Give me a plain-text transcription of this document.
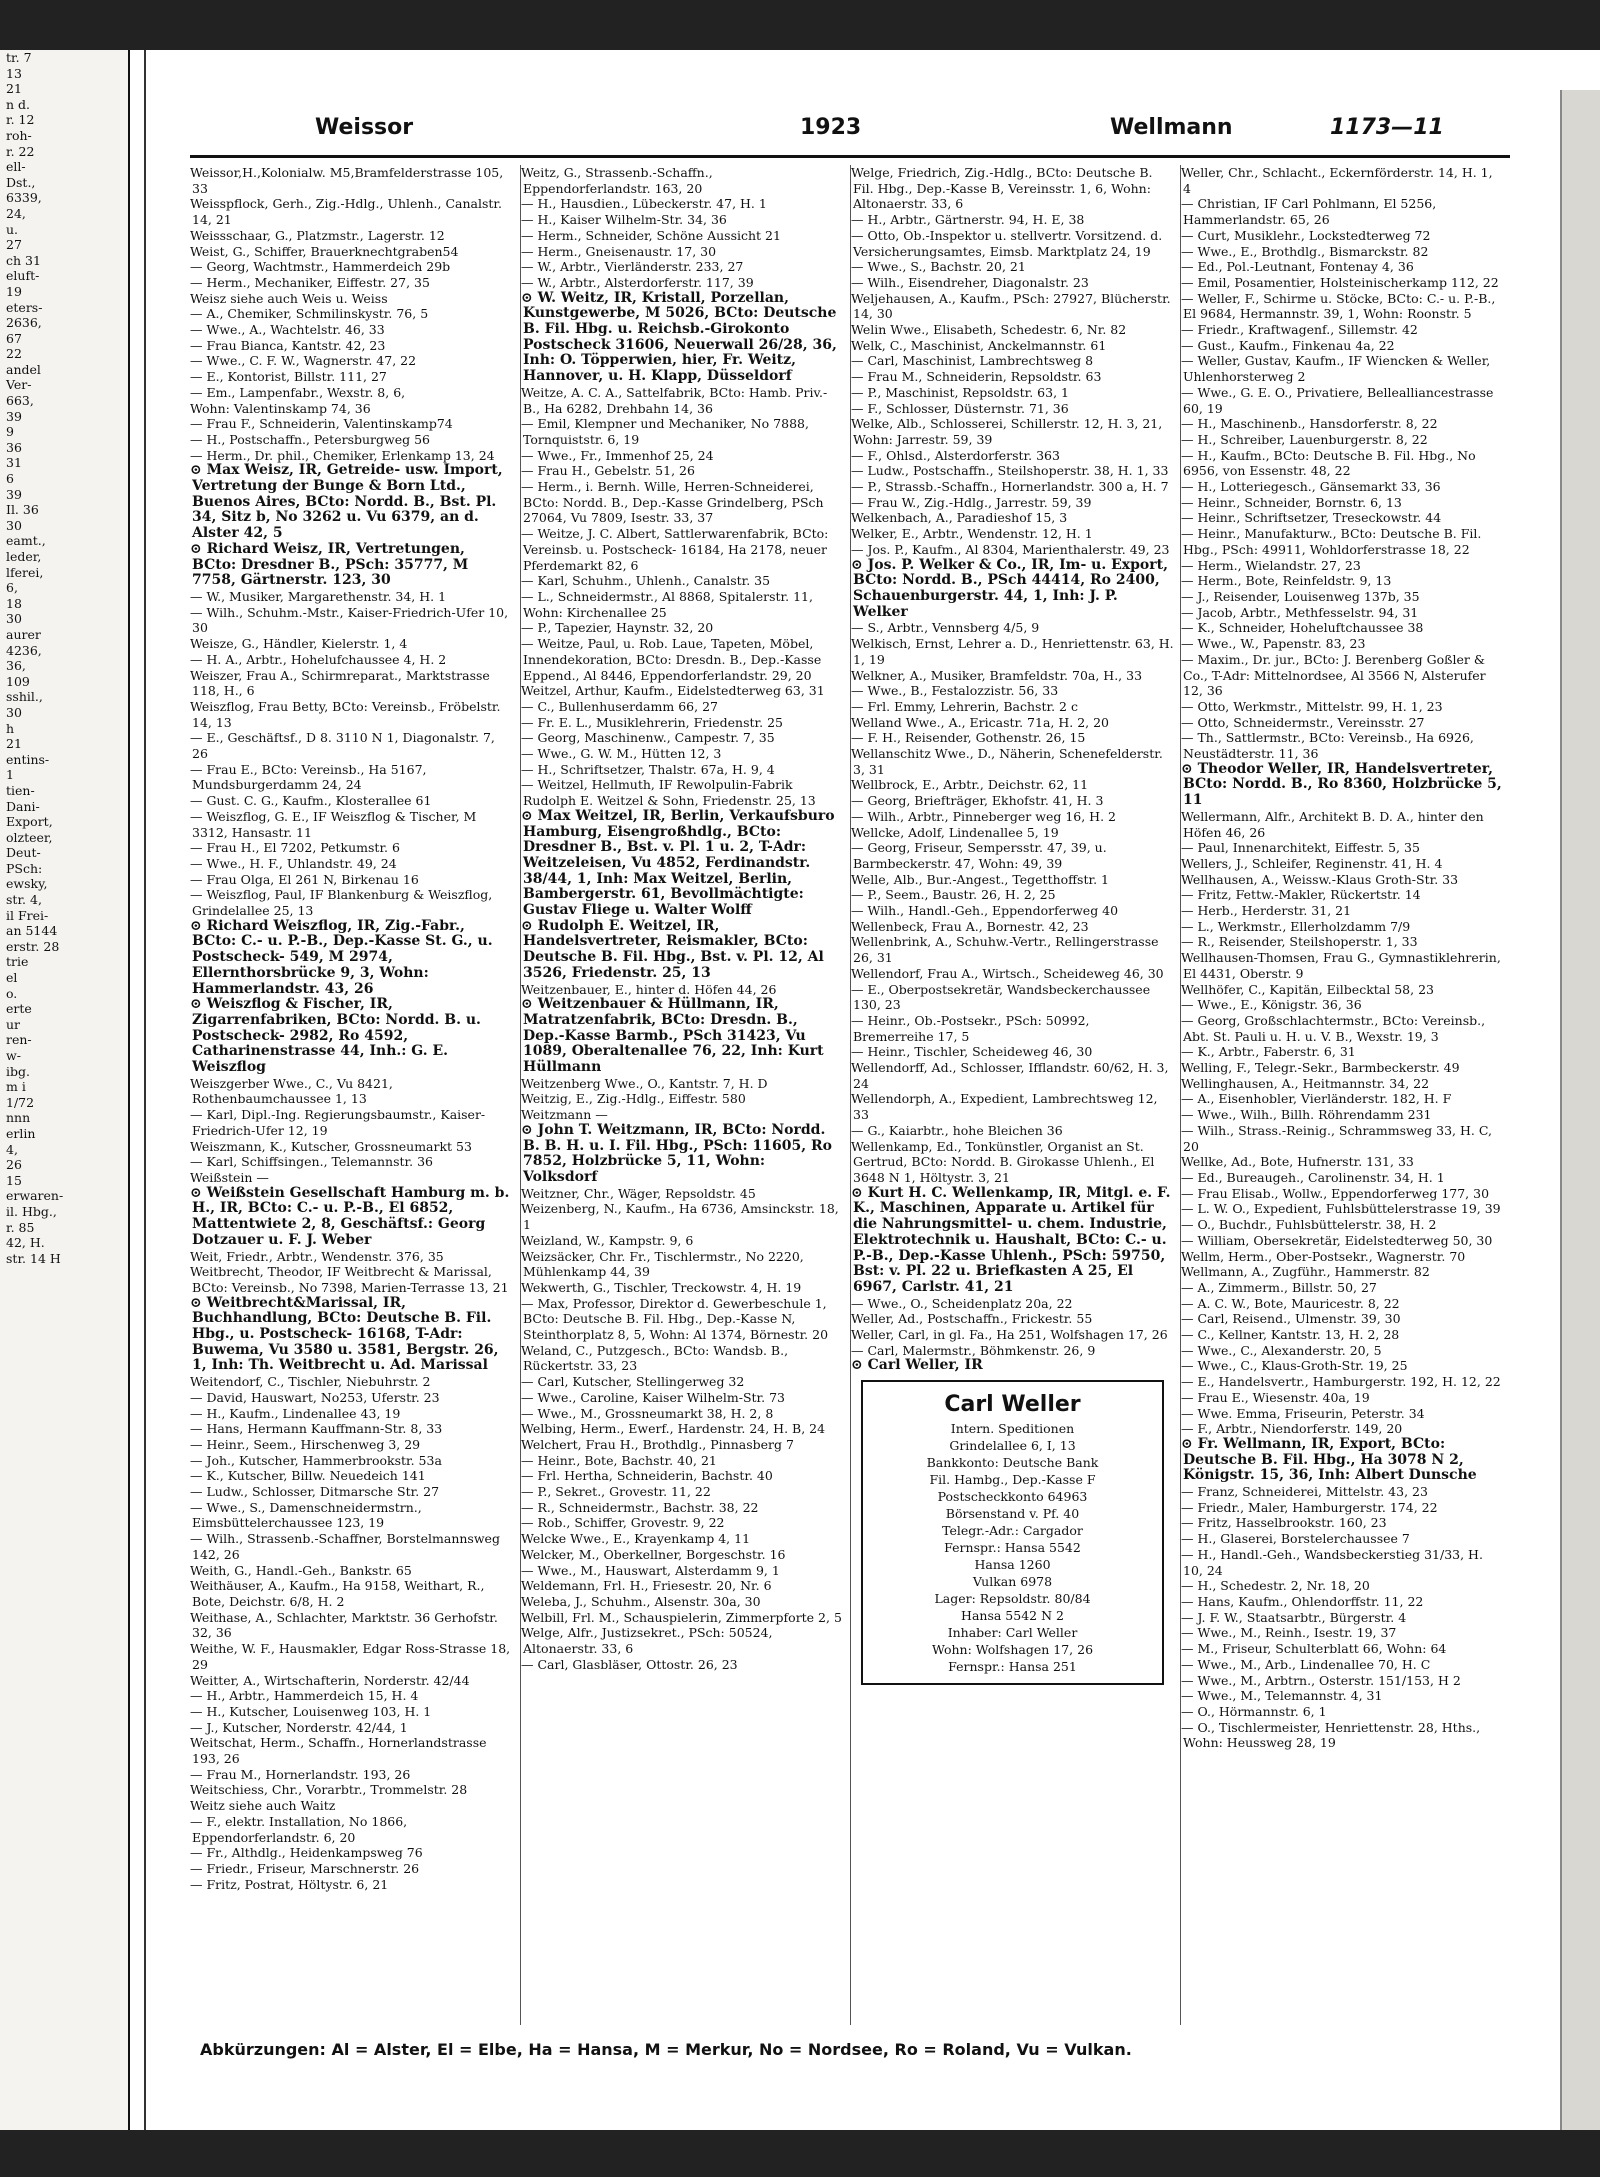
tr. 7
13
21
n d.
r. 12
roh-
r. 22
ell-
Dst.,
6339,
24,
u.
27
ch 31
eluft-
19
eters-
2636,
67
22
andel
Ver-
663,
39
9
36
31
6
39
Il. 36
30
eamt.,
leder,
lferei,
6,
18
30
aurer
4236,
36,
109
sshil.,
30
h
21
entins-
1
tien-
Dani-
Export,
olzteer,
Deut-
PSch:
ewsky,
str. 4,
il Frei-
an 5144
erstr. 28
trie
el
o.
erte
ur
ren-
w-
ibg.
m i
1/72
nnn
erlin
4,
26
15
erwaren-
il. Hbg.,
r. 85
42, H.
str. 14 H
Weissor	1923	Wellmann	1173—11
Weissor,H.,Kolonialw. M5,Bramfelderstrasse 105, 33
Weisspflock, Gerh., Zig.-Hdlg., Uhlenh., Canalstr. 14, 21
Weissschaar, G., Platzmstr., Lagerstr. 12
Weist, G., Schiffer, Brauerknechtgraben54
— Georg, Wachtmstr., Hammerdeich 29b
— Herm., Mechaniker, Eiffestr. 27, 35
Weisz siehe auch Weis u. Weiss
— A., Chemiker, Schmilinskystr. 76, 5
— Wwe., A., Wachtelstr. 46, 33
— Frau Bianca, Kantstr. 42, 23
— Wwe., C. F. W., Wagnerstr. 47, 22
— E., Kontorist, Billstr. 111, 27
— Em., Lampenfabr., Wexstr. 8, 6,
Wohn: Valentinskamp 74, 36
— Frau F., Schneiderin, Valentinskamp74
— H., Postschaffn., Petersburgweg 56
— Herm., Dr. phil., Chemiker, Erlenkamp 13, 24
⊙ Max Weisz, IR, Getreide- usw. Import, Vertretung der Bunge & Born Ltd., Buenos Aires, BCto: Nordd. B., Bst. Pl. 34, Sitz b, No 3262 u. Vu 6379, an d. Alster 42, 5
⊙ Richard Weisz, IR, Vertretungen, BCto: Dresdner B., PSch: 35777, M 7758, Gärtnerstr. 123, 30
— W., Musiker, Margarethenstr. 34, H. 1
— Wilh., Schuhm.-Mstr., Kaiser-Friedrich-Ufer 10, 30
Weisze, G., Händler, Kielerstr. 1, 4
— H. A., Arbtr., Hohelufchaussee 4, H. 2
Weiszer, Frau A., Schirmreparat., Marktstrasse 118, H., 6
Weiszflog, Frau Betty, BCto: Vereinsb., Fröbelstr. 14, 13
— E., Geschäftsf., D 8. 3110 N 1, Diagonalstr. 7, 26
— Frau E., BCto: Vereinsb., Ha 5167, Mundsburgerdamm 24, 24
— Gust. C. G., Kaufm., Klosterallee 61
— Weiszflog, G. E., IF Weiszflog & Tischer, M 3312, Hansastr. 11
— Frau H., El 7202, Petkumstr. 6
— Wwe., H. F., Uhlandstr. 49, 24
— Frau Olga, El 261 N, Birkenau 16
— Weiszflog, Paul, IF Blankenburg & Weiszflog, Grindelallee 25, 13
⊙ Richard Weiszflog, IR, Zig.-Fabr., BCto: C.- u. P.-B., Dep.-Kasse St. G., u. Postscheck- 549, M 2974, Ellernthorsbrücke 9, 3, Wohn: Hammerlandstr. 43, 26
⊙ Weiszflog & Fischer, IR, Zigarrenfabriken, BCto: Nordd. B. u. Postscheck- 2982, Ro 4592, Catharinenstrasse 44, Inh.: G. E. Weiszflog
Weiszgerber Wwe., C., Vu 8421, Rothenbaumchaussee 1, 13
— Karl, Dipl.-Ing. Regierungsbaumstr., Kaiser-Friedrich-Ufer 12, 19
Weiszmann, K., Kutscher, Grossneumarkt 53
— Karl, Schiffsingen., Telemannstr. 36
Weißstein —
⊙ Weißstein Gesellschaft Hamburg m. b. H., IR, BCto: C.- u. P.-B., El 6852, Mattentwiete 2, 8, Geschäftsf.: Georg Dotzauer u. F. J. Weber
Weit, Friedr., Arbtr., Wendenstr. 376, 35
Weitbrecht, Theodor, IF Weitbrecht & Marissal, BCto: Vereinsb., No 7398, Marien-Terrasse 13, 21
⊙ Weitbrecht&Marissal, IR, Buchhandlung, BCto: Deutsche B. Fil. Hbg., u. Postscheck- 16168, T-Adr: Buwema, Vu 3580 u. 3581, Bergstr. 26, 1, Inh: Th. Weitbrecht u. Ad. Marissal
Weitendorf, C., Tischler, Niebuhrstr. 2
— David, Hauswart, No253, Uferstr. 23
— H., Kaufm., Lindenallee 43, 19
— Hans, Hermann Kauffmann-Str. 8, 33
— Heinr., Seem., Hirschenweg 3, 29
— Joh., Kutscher, Hammerbrookstr. 53a
— K., Kutscher, Billw. Neuedeich 141
— Ludw., Schlosser, Ditmarsche Str. 27
— Wwe., S., Damenschneidermstrn., Eimsbüttelerchaussee 123, 19
— Wilh., Strassenb.-Schaffner, Borstelmannsweg 142, 26
Weith, G., Handl.-Geh., Bankstr. 65
Weithäuser, A., Kaufm., Ha 9158, Weithart, R., Bote, Deichstr. 6/8, H. 2
Weithase, A., Schlachter, Marktstr. 36 Gerhofstr. 32, 36
Weithe, W. F., Hausmakler, Edgar Ross-Strasse 18, 29
Weitter, A., Wirtschafterin, Norderstr. 42/44
— H., Arbtr., Hammerdeich 15, H. 4
— H., Kutscher, Louisenweg 103, H. 1
— J., Kutscher, Norderstr. 42/44, 1
Weitschat, Herm., Schaffn., Hornerlandstrasse 193, 26
— Frau M., Hornerlandstr. 193, 26
Weitschiess, Chr., Vorarbtr., Trommelstr. 28
Weitz siehe auch Waitz
— F., elektr. Installation, No 1866, Eppendorferlandstr. 6, 20
— Fr., Althdlg., Heidenkampsweg 76
— Friedr., Friseur, Marschnerstr. 26
— Fritz, Postrat, Höltystr. 6, 21
Weitz, G., Strassenb.-Schaffn., Eppendorferlandstr. 163, 20
— H., Hausdien., Lübeckerstr. 47, H. 1
— H., Kaiser Wilhelm-Str. 34, 36
— Herm., Schneider, Schöne Aussicht 21
— Herm., Gneisenaustr. 17, 30
— W., Arbtr., Vierländerstr. 233, 27
— W., Arbtr., Alsterdorferstr. 117, 39
⊙ W. Weitz, IR, Kristall, Porzellan, Kunstgewerbe, M 5026, BCto: Deutsche B. Fil. Hbg. u. Reichsb.-Girokonto Postscheck 31606, Neuerwall 26/28, 36, Inh: O. Töpperwien, hier, Fr. Weitz, Hannover, u. H. Klapp, Düsseldorf
Weitze, A. C. A., Sattelfabrik, BCto: Hamb. Priv.-B., Ha 6282, Drehbahn 14, 36
— Emil, Klempner und Mechaniker, No 7888, Tornquiststr. 6, 19
— Wwe., Fr., Immenhof 25, 24
— Frau H., Gebelstr. 51, 26
— Herm., i. Bernh. Wille, Herren-Schneiderei, BCto: Nordd. B., Dep.-Kasse Grindelberg, PSch 27064, Vu 7809, Isestr. 33, 37
— Weitze, J. C. Albert, Sattlerwarenfabrik, BCto: Vereinsb. u. Postscheck- 16184, Ha 2178, neuer Pferdemarkt 82, 6
— Karl, Schuhm., Uhlenh., Canalstr. 35
— L., Schneidermstr., Al 8868, Spitalerstr. 11, Wohn: Kirchenallee 25
— P., Tapezier, Haynstr. 32, 20
— Weitze, Paul, u. Rob. Laue, Tapeten, Möbel, Innendekoration, BCto: Dresdn. B., Dep.-Kasse Eppend., Al 8446, Eppendorferlandstr. 29, 20
Weitzel, Arthur, Kaufm., Eidelstedterweg 63, 31
— C., Bullenhuserdamm 66, 27
— Fr. E. L., Musiklehrerin, Friedenstr. 25
— Georg, Maschinenw., Campestr. 7, 35
— Wwe., G. W. M., Hütten 12, 3
— H., Schriftsetzer, Thalstr. 67a, H. 9, 4
— Weitzel, Hellmuth, IF Rewolpulin-Fabrik Rudolph E. Weitzel & Sohn, Friedenstr. 25, 13
⊙ Max Weitzel, IR, Berlin, Verkaufsburo Hamburg, Eisengroßhdlg., BCto: Dresdner B., Bst. v. Pl. 1 u. 2, T-Adr: Weitzeleisen, Vu 4852, Ferdinandstr. 38/44, 1, Inh: Max Weitzel, Berlin, Bambergerstr. 61, Bevollmächtigte: Gustav Fliege u. Walter Wolff
⊙ Rudolph E. Weitzel, IR, Handelsvertreter, Reismakler, BCto: Deutsche B. Fil. Hbg., Bst. v. Pl. 12, Al 3526, Friedenstr. 25, 13
Weitzenbauer, E., hinter d. Höfen 44, 26
⊙ Weitzenbauer & Hüllmann, IR, Matratzenfabrik, BCto: Dresdn. B., Dep.-Kasse Barmb., PSch 31423, Vu 1089, Oberaltenallee 76, 22, Inh: Kurt Hüllmann
Weitzenberg Wwe., O., Kantstr. 7, H. D
Weitzig, E., Zig.-Hdlg., Eiffestr. 580
Weitzmann —
⊙ John T. Weitzmann, IR, BCto: Nordd. B. B. H. u. I. Fil. Hbg., PSch: 11605, Ro 7852, Holzbrücke 5, 11, Wohn: Volksdorf
Weitzner, Chr., Wäger, Repsoldstr. 45
Weizenberg, N., Kaufm., Ha 6736, Amsinckstr. 18, 1
Weizland, W., Kampstr. 9, 6
Weizsäcker, Chr. Fr., Tischlermstr., No 2220, Mühlenkamp 44, 39
Wekwerth, G., Tischler, Treckowstr. 4, H. 19
— Max, Professor, Direktor d. Gewerbeschule 1, BCto: Deutsche B. Fil. Hbg., Dep.-Kasse N, Steinthorplatz 8, 5, Wohn: Al 1374, Börnestr. 20
Weland, C., Putzgesch., BCto: Wandsb. B., Rückertstr. 33, 23
— Carl, Kutscher, Stellingerweg 32
— Wwe., Caroline, Kaiser Wilhelm-Str. 73
— Wwe., M., Grossneumarkt 38, H. 2, 8
Welbing, Herm., Ewerf., Hardenstr. 24, H. B, 24
Welchert, Frau H., Brothdlg., Pinnasberg 7
— Heinr., Bote, Bachstr. 40, 21
— Frl. Hertha, Schneiderin, Bachstr. 40
— P., Sekret., Grovestr. 11, 22
— R., Schneidermstr., Bachstr. 38, 22
— Rob., Schiffer, Grovestr. 9, 22
Welcke Wwe., E., Krayenkamp 4, 11
Welcker, M., Oberkellner, Borgeschstr. 16
— Wwe., M., Hauswart, Alsterdamm 9, 1
Weldemann, Frl. H., Friesestr. 20, Nr. 6
Weleba, J., Schuhm., Alsenstr. 30a, 30
Welbill, Frl. M., Schauspielerin, Zimmerpforte 2, 5
Welge, Alfr., Justizsekret., PSch: 50524, Altonaerstr. 33, 6
— Carl, Glasbläser, Ottostr. 26, 23
Welge, Friedrich, Zig.-Hdlg., BCto: Deutsche B. Fil. Hbg., Dep.-Kasse B, Vereinsstr. 1, 6, Wohn: Altonaerstr. 33, 6
— H., Arbtr., Gärtnerstr. 94, H. E, 38
— Otto, Ob.-Inspektor u. stellvertr. Vorsitzend. d. Versicherungsamtes, Eimsb. Marktplatz 24, 19
— Wwe., S., Bachstr. 20, 21
— Wilh., Eisendreher, Diagonalstr. 23
Weljehausen, A., Kaufm., PSch: 27927, Blücherstr. 14, 30
Welin Wwe., Elisabeth, Schedestr. 6, Nr. 82
Welk, C., Maschinist, Anckelmannstr. 61
— Carl, Maschinist, Lambrechtsweg 8
— Frau M., Schneiderin, Repsoldstr. 63
— P., Maschinist, Repsoldstr. 63, 1
— F., Schlosser, Düsternstr. 71, 36
Welke, Alb., Schlosserei, Schillerstr. 12, H. 3, 21, Wohn: Jarrestr. 59, 39
— F., Ohlsd., Alsterdorferstr. 363
— Ludw., Postschaffn., Steilshoperstr. 38, H. 1, 33
— P., Strassb.-Schaffn., Hornerlandstr. 300 a, H. 7
— Frau W., Zig.-Hdlg., Jarrestr. 59, 39
Welkenbach, A., Paradieshof 15, 3
Welker, E., Arbtr., Wendenstr. 12, H. 1
— Jos. P., Kaufm., Al 8304, Marienthalerstr. 49, 23
⊙ Jos. P. Welker & Co., IR, Im- u. Export, BCto: Nordd. B., PSch 44414, Ro 2400, Schauenburgerstr. 44, 1, Inh: J. P. Welker
— S., Arbtr., Vennsberg 4/5, 9
Welkisch, Ernst, Lehrer a. D., Henriettenstr. 63, H. 1, 19
Welkner, A., Musiker, Bramfeldstr. 70a, H., 33
— Wwe., B., Festalozzistr. 56, 33
— Frl. Emmy, Lehrerin, Bachstr. 2 c
Welland Wwe., A., Ericastr. 71a, H. 2, 20
— F. H., Reisender, Gothenstr. 26, 15
Wellanschitz Wwe., D., Näherin, Schenefelderstr. 3, 31
Wellbrock, E., Arbtr., Deichstr. 62, 11
— Georg, Briefträger, Ekhofstr. 41, H. 3
— Wilh., Arbtr., Pinneberger weg 16, H. 2
Wellcke, Adolf, Lindenallee 5, 19
— Georg, Friseur, Sempersstr. 47, 39, u. Barmbeckerstr. 47, Wohn: 49, 39
Welle, Alb., Bur.-Angest., Tegetthoffstr. 1
— P., Seem., Baustr. 26, H. 2, 25
— Wilh., Handl.-Geh., Eppendorferweg 40
Wellenbeck, Frau A., Bornestr. 42, 23
Wellenbrink, A., Schuhw.-Vertr., Rellingerstrasse 26, 31
Wellendorf, Frau A., Wirtsch., Scheideweg 46, 30
— E., Oberpostsekretär, Wandsbeckerchaussee 130, 23
— Heinr., Ob.-Postsekr., PSch: 50992, Bremerreihe 17, 5
— Heinr., Tischler, Scheideweg 46, 30
Wellendorff, Ad., Schlosser, Ifflandstr. 60/62, H. 3, 24
Wellendorph, A., Expedient, Lambrechtsweg 12, 33
— G., Kaiarbtr., hohe Bleichen 36
Wellenkamp, Ed., Tonkünstler, Organist an St. Gertrud, BCto: Nordd. B. Girokasse Uhlenh., El 3648 N 1, Höltystr. 3, 21
⊙ Kurt H. C. Wellenkamp, IR, Mitgl. e. F. K., Maschinen, Apparate u. Artikel für die Nahrungsmittel- u. chem. Industrie, Elektrotechnik u. Haushalt, BCto: C.- u. P.-B., Dep.-Kasse Uhlenh., PSch: 59750, Bst: v. Pl. 22 u. Briefkasten A 25, El 6967, Carlstr. 41, 21
— Wwe., O., Scheidenplatz 20a, 22
Weller, Ad., Postschaffn., Frickestr. 55
Weller, Carl, in gl. Fa., Ha 251, Wolfshagen 17, 26
— Carl, Malermstr., Böhmkenstr. 26, 9
⊙ Carl Weller, IR
Carl Weller
Intern. Speditionen
Grindelallee 6, I, 13
Bankkonto: Deutsche Bank
Fil. Hambg., Dep.-Kasse F
Postscheckkonto 64963
Börsenstand v. Pf. 40
Telegr.-Adr.: Cargador
Fernspr.: Hansa 5542
Hansa 1260
Vulkan 6978
Lager: Repsoldstr. 80/84
Hansa 5542 N 2
Inhaber: Carl Weller
Wohn: Wolfshagen 17, 26
Fernspr.: Hansa 251
Weller, Chr., Schlacht., Eckernförderstr. 14, H. 1, 4
— Christian, IF Carl Pohlmann, El 5256, Hammerlandstr. 65, 26
— Curt, Musiklehr., Lockstedterweg 72
— Wwe., E., Brothdlg., Bismarckstr. 82
— Ed., Pol.-Leutnant, Fontenay 4, 36
— Emil, Posamentier, Holsteinischerkamp 112, 22
— Weller, F., Schirme u. Stöcke, BCto: C.- u. P.-B., El 9684, Hermannstr. 39, 1, Wohn: Roonstr. 5
— Friedr., Kraftwagenf., Sillemstr. 42
— Gust., Kaufm., Finkenau 4a, 22
— Weller, Gustav, Kaufm., IF Wiencken & Weller, Uhlenhorsterweg 2
— Wwe., G. E. O., Privatiere, Bellealliancestrasse 60, 19
— H., Maschinenb., Hansdorferstr. 8, 22
— H., Schreiber, Lauenburgerstr. 8, 22
— H., Kaufm., BCto: Deutsche B. Fil. Hbg., No 6956, von Essenstr. 48, 22
— H., Lotteriegesch., Gänsemarkt 33, 36
— Heinr., Schneider, Bornstr. 6, 13
— Heinr., Schriftsetzer, Treseckowstr. 44
— Heinr., Manufakturw., BCto: Deutsche B. Fil. Hbg., PSch: 49911, Wohldorferstrasse 18, 22
— Herm., Wielandstr. 27, 23
— Herm., Bote, Reinfeldstr. 9, 13
— J., Reisender, Louisenweg 137b, 35
— Jacob, Arbtr., Methfesselstr. 94, 31
— K., Schneider, Hoheluftchaussee 38
— Wwe., W., Papenstr. 83, 23
— Maxim., Dr. jur., BCto: J. Berenberg Goßler & Co., T-Adr: Mittelnordsee, Al 3566 N, Alsterufer 12, 36
— Otto, Werkmstr., Mittelstr. 99, H. 1, 23
— Otto, Schneidermstr., Vereinsstr. 27
— Th., Sattlermstr., BCto: Vereinsb., Ha 6926, Neustädterstr. 11, 36
⊙ Theodor Weller, IR, Handelsvertreter, BCto: Nordd. B., Ro 8360, Holzbrücke 5, 11
Wellermann, Alfr., Architekt B. D. A., hinter den Höfen 46, 26
— Paul, Innenarchitekt, Eiffestr. 5, 35
Wellers, J., Schleifer, Reginenstr. 41, H. 4
Wellhausen, A., Weissw.-Klaus Groth-Str. 33
— Fritz, Fettw.-Makler, Rückertstr. 14
— Herb., Herderstr. 31, 21
— L., Werkmstr., Ellerholzdamm 7/9
— R., Reisender, Steilshoperstr. 1, 33
Wellhausen-Thomsen, Frau G., Gymnastiklehrerin, El 4431, Oberstr. 9
Wellhöfer, C., Kapitän, Eilbecktal 58, 23
— Wwe., E., Königstr. 36, 36
— Georg, Großschlachtermstr., BCto: Vereinsb., Abt. St. Pauli u. H. u. V. B., Wexstr. 19, 3
— K., Arbtr., Faberstr. 6, 31
Welling, F., Telegr.-Sekr., Barmbeckerstr. 49
Wellinghausen, A., Heitmannstr. 34, 22
— A., Eisenhobler, Vierländerstr. 182, H. F
— Wwe., Wilh., Billh. Röhrendamm 231
— Wilh., Strass.-Reinig., Schrammsweg 33, H. C, 20
Wellke, Ad., Bote, Hufnerstr. 131, 33
— Ed., Bureaugeh., Carolinenstr. 34, H. 1
— Frau Elisab., Wollw., Eppendorferweg 177, 30
— L. W. O., Expedient, Fuhlsbüttelerstrasse 19, 39
— O., Buchdr., Fuhlsbüttelerstr. 38, H. 2
— William, Obersekretär, Eidelstedterweg 50, 30
Wellm, Herm., Ober-Postsekr., Wagnerstr. 70
Wellmann, A., Zugführ., Hammerstr. 82
— A., Zimmerm., Billstr. 50, 27
— A. C. W., Bote, Mauricestr. 8, 22
— Carl, Reisend., Ulmenstr. 39, 30
— C., Kellner, Kantstr. 13, H. 2, 28
— Wwe., C., Alexanderstr. 20, 5
— Wwe., C., Klaus-Groth-Str. 19, 25
— E., Handelsvertr., Hamburgerstr. 192, H. 12, 22
— Frau E., Wiesenstr. 40a, 19
— Wwe. Emma, Friseurin, Peterstr. 34
— F., Arbtr., Niendorferstr. 149, 20
⊙ Fr. Wellmann, IR, Export, BCto: Deutsche B. Fil. Hbg., Ha 3078 N 2, Königstr. 15, 36, Inh: Albert Dunsche
— Franz, Schneiderei, Mittelstr. 43, 23
— Friedr., Maler, Hamburgerstr. 174, 22
— Fritz, Hasselbrookstr. 160, 23
— H., Glaserei, Borstelerchaussee 7
— H., Handl.-Geh., Wandsbeckerstieg 31/33, H. 10, 24
— H., Schedestr. 2, Nr. 18, 20
— Hans, Kaufm., Ohlendorffstr. 11, 22
— J. F. W., Staatsarbtr., Bürgerstr. 4
— Wwe., M., Reinh., Isestr. 19, 37
— M., Friseur, Schulterblatt 66, Wohn: 64
— Wwe., M., Arb., Lindenallee 70, H. C
— Wwe., M., Arbtrn., Osterstr. 151/153, H 2
— Wwe., M., Telemannstr. 4, 31
— O., Hörmannstr. 6, 1
— O., Tischlermeister, Henriettenstr. 28, Hths., Wohn: Heussweg 28, 19
Abkürzungen: Al = Alster, El = Elbe, Ha = Hansa, M = Merkur, No = Nordsee, Ro = Roland, Vu = Vulkan.
